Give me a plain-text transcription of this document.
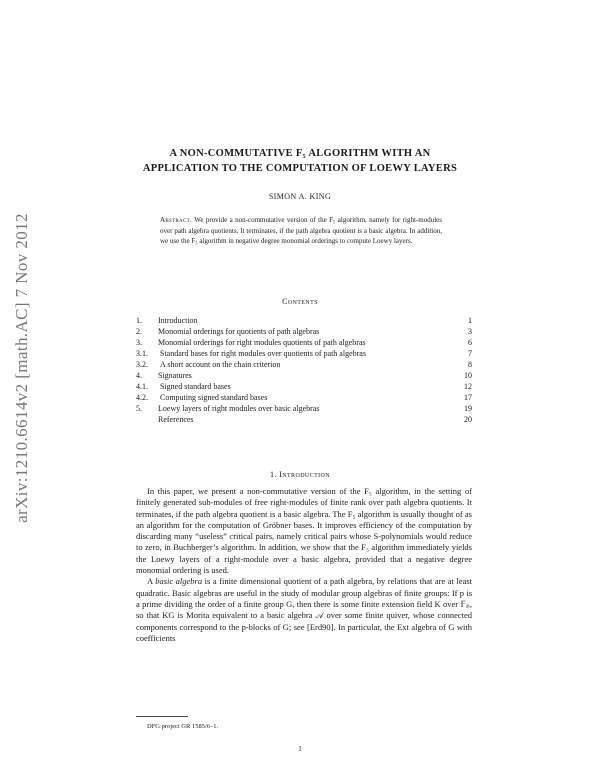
arXiv:1210.6614v2 [math.AC] 7 Nov 2012
A NON-COMMUTATIVE F₅ ALGORITHM WITH AN
APPLICATION TO THE COMPUTATION OF LOEWY LAYERS
SIMON A. KING
Abstract. We provide a non-commutative version of the F₅ algorithm, namely for right-modules over path algebra quotients. It terminates, if the path algebra quotient is a basic algebra. In addition, we use the F₅ algorithm in negative degree monomial orderings to compute Loewy layers.
Contents
1.	Introduction	1
2.	Monomial orderings for quotients of path algebras	3
3.	Monomial orderings for right modules quotients of path algebras	6
3.1.	Standard bases for right modules over quotients of path algebras	7
3.2.	A short account on the chain criterion	8
4.	Signatures	10
4.1.	Signed standard bases	12
4.2.	Computing signed standard bases	17
5.	Loewy layers of right modules over basic algebras	19
References	20
1. Introduction

In this paper, we present a non-commutative version of the F₅ algorithm, in the setting of finitely generated sub-modules of free right-modules of finite rank over path algebra quotients. It terminates, if the path algebra quotient is a basic algebra. The F₅ algorithm is usually thought of as an algorithm for the computation of Gröbner bases. It improves efficiency of the computation by discarding many “useless” critical pairs, namely critical pairs whose S-polynomials would reduce to zero, in Buchberger’s algorithm. In addition, we show that the F₅ algorithm immediately yields the Loewy layers of a right-module over a basic algebra, provided that a negative degree monomial ordering is used.

A basic algebra is a finite dimensional quotient of a path algebra, by relations that are at least quadratic. Basic algebras are useful in the study of modular group algebras of finite groups: If p is a prime dividing the order of a finite group G, then there is some finite extension field K over 𝔽ₚ, so that KG is Morita equivalent to a basic algebra 𝒜 over some finite quiver, whose connected components correspond to the p-blocks of G; see [Erd90]. In particular, the Ext algebra of G with coefficients

DFG project GR 1585/6–1.
1
